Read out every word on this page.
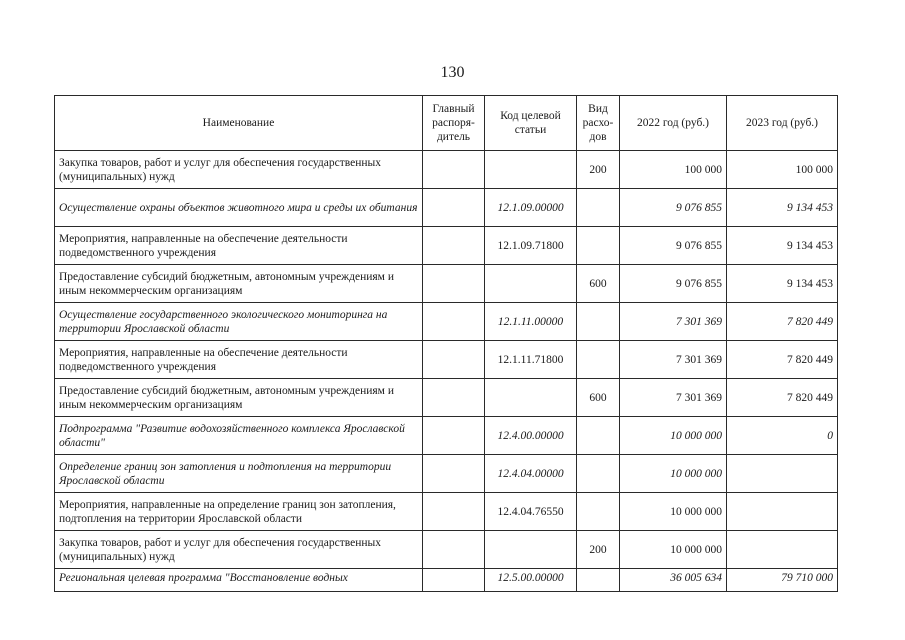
130
Наименование	Главный распоря-дитель	Код целевой статьи	Вид расхо-дов	2022 год (руб.)	2023 год (руб.)
Закупка товаров, работ и услуг для обеспечения государственных (муниципальных) нужд			200	100 000	100 000
Осуществление охраны объектов животного мира и среды их обитания		12.1.09.00000		9 076 855	9 134 453
Мероприятия, направленные на обеспечение деятельности подведомственного учреждения		12.1.09.71800		9 076 855	9 134 453
Предоставление субсидий бюджетным, автономным учреждениям и иным некоммерческим организациям			600	9 076 855	9 134 453
Осуществление государственного экологического мониторинга на территории Ярославской области		12.1.11.00000		7 301 369	7 820 449
Мероприятия, направленные на обеспечение деятельности подведомственного учреждения		12.1.11.71800		7 301 369	7 820 449
Предоставление субсидий бюджетным, автономным учреждениям и иным некоммерческим организациям			600	7 301 369	7 820 449
Подпрограмма "Развитие водохозяйственного комплекса Ярославской области"		12.4.00.00000		10 000 000	0
Определение границ зон затопления и подтопления на территории Ярославской области		12.4.04.00000		10 000 000	
Мероприятия, направленные на определение границ зон затопления, подтопления на территории Ярославской области		12.4.04.76550		10 000 000	
Закупка товаров, работ и услуг для обеспечения государственных (муниципальных) нужд			200	10 000 000	
Региональная целевая программа "Восстановление водных		12.5.00.00000		36 005 634	79 710 000
